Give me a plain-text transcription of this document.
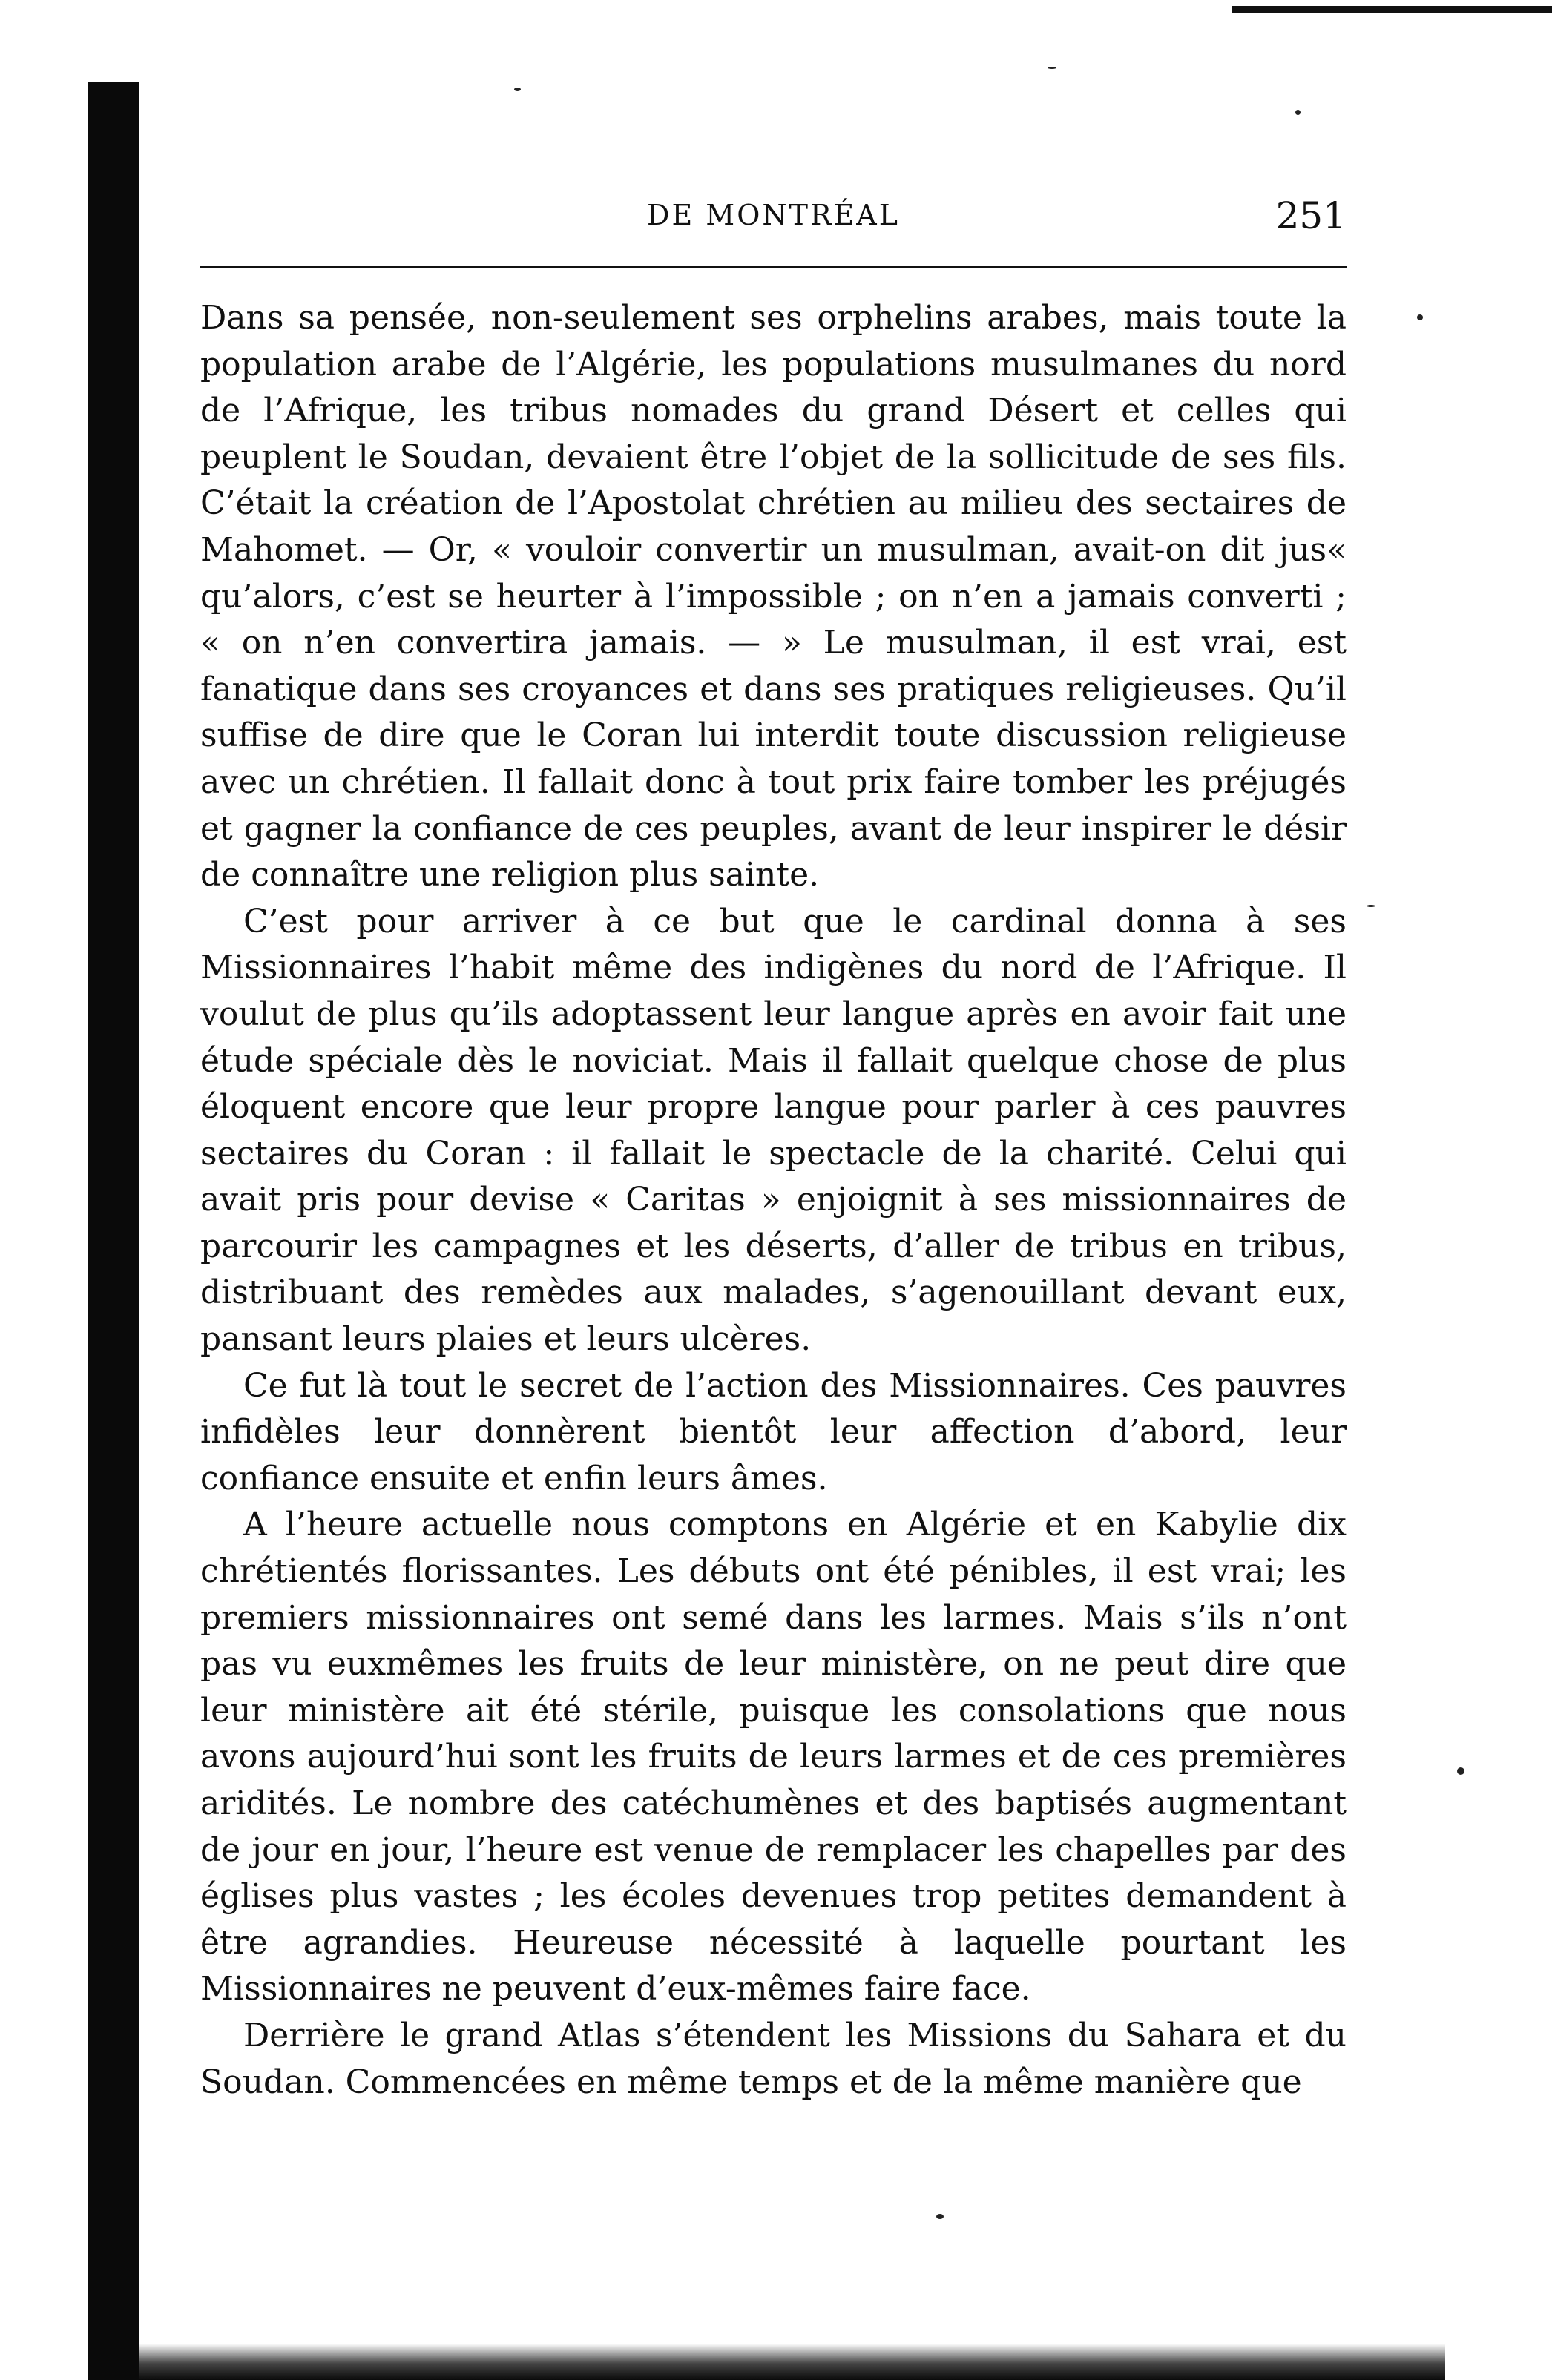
DE MONTRÉAL	251

Dans sa pensée, non-seulement ses orphelins arabes, mais toute la population arabe de l’Algérie, les populations musulmanes du nord de l’Afrique, les tribus nomades du grand Désert et celles qui peuplent le Soudan, devaient être l’objet de la sollicitude de ses fils. C’était la création de l’Apostolat chrétien au milieu des sectaires de Mahomet. — Or, « vouloir convertir un musulman, avait-on dit jus« qu’alors, c’est se heurter à l’impossible ; on n’en a jamais converti ; « on n’en convertira jamais. — » Le musulman, il est vrai, est fanatique dans ses croyances et dans ses pratiques religieuses. Qu’il suffise de dire que le Coran lui interdit toute discussion religieuse avec un chrétien. Il fallait donc à tout prix faire tomber les préjugés et gagner la confiance de ces peuples, avant de leur inspirer le désir de connaître une religion plus sainte.

C’est pour arriver à ce but que le cardinal donna à ses Missionnaires l’habit même des indigènes du nord de l’Afrique. Il voulut de plus qu’ils adoptassent leur langue après en avoir fait une étude spéciale dès le noviciat. Mais il fallait quelque chose de plus éloquent encore que leur propre langue pour parler à ces pauvres sectaires du Coran : il fallait le spectacle de la charité. Celui qui avait pris pour devise « Caritas » enjoignit à ses missionnaires de parcourir les campagnes et les déserts, d’aller de tribus en tribus, distribuant des remèdes aux malades, s’agenouillant devant eux, pansant leurs plaies et leurs ulcères.

Ce fut là tout le secret de l’action des Missionnaires. Ces pauvres infidèles leur donnèrent bientôt leur affection d’abord, leur confiance ensuite et enfin leurs âmes.

A l’heure actuelle nous comptons en Algérie et en Kabylie dix chrétientés florissantes. Les débuts ont été pénibles, il est vrai; les premiers missionnaires ont semé dans les larmes. Mais s’ils n’ont pas vu euxmêmes les fruits de leur ministère, on ne peut dire que leur ministère ait été stérile, puisque les consolations que nous avons aujourd’hui sont les fruits de leurs larmes et de ces premières aridités. Le nombre des catéchumènes et des baptisés augmentant de jour en jour, l’heure est venue de remplacer les chapelles par des églises plus vastes ; les écoles devenues trop petites demandent à être agrandies. Heureuse nécessité à laquelle pourtant les Missionnaires ne peuvent d’eux-mêmes faire face.

Derrière le grand Atlas s’étendent les Missions du Sahara et du Soudan. Commencées en même temps et de la même manière que
